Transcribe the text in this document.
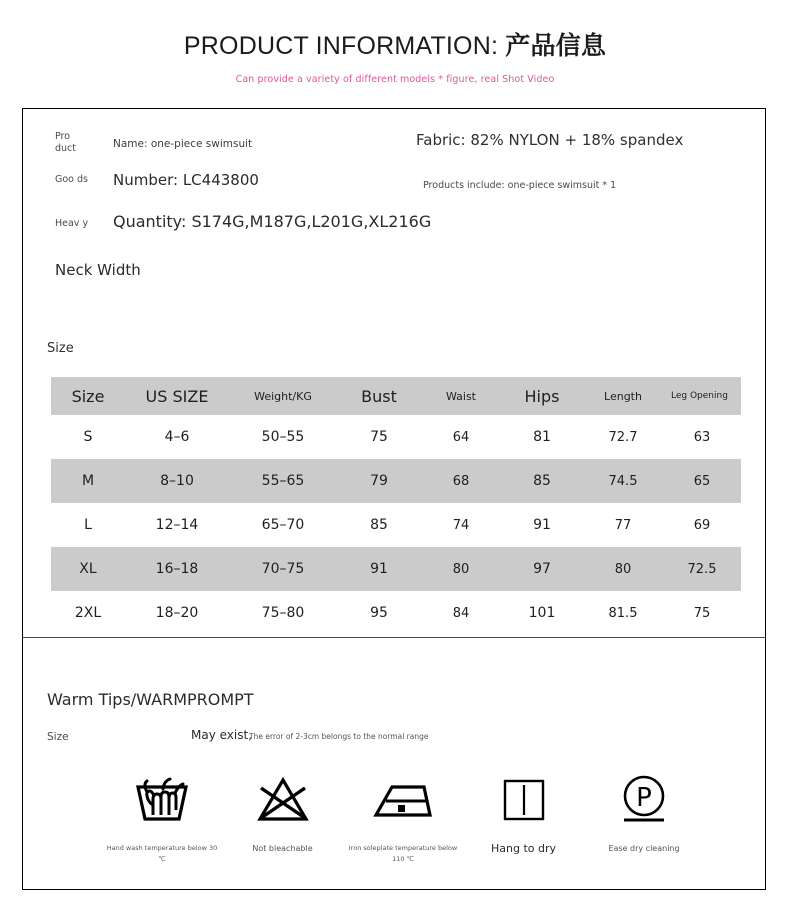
PRODUCT INFORMATION: 产品信息

Can provide a variety of different models * figure, real Shot Video

Pro duct	Name: one-piece swimsuit	Fabric: 82% NYLON + 18% spandex
Goo ds Number: LC443800	Products include: one-piece swimsuit * 1
Heav y Quantity: S174G,M187G,L201G,XL216G
Neck Width
Size
Size	US SIZE	Weight/KG	Bust	Waist	Hips	Length	Leg Opening
S	4–6	50–55	75	64	81	72.7	63
M	8–10	55–65	79	68	85	74.5	65
L	12–14	65–70	85	74	91	77	69
XL	16–18	70–75	91	80	97	80	72.5
2XL	18–20	75–80	95	84	101	81.5	75
Warm Tips/WARMPROMPT
Size	May exist,
The error of 2-3cm belongs to the normal range
Hand wash temperature below 30 ℃
Not bleachable	Iron soleplate temperature below 110 ℃
Hang to dry
P
Ease dry cleaning
